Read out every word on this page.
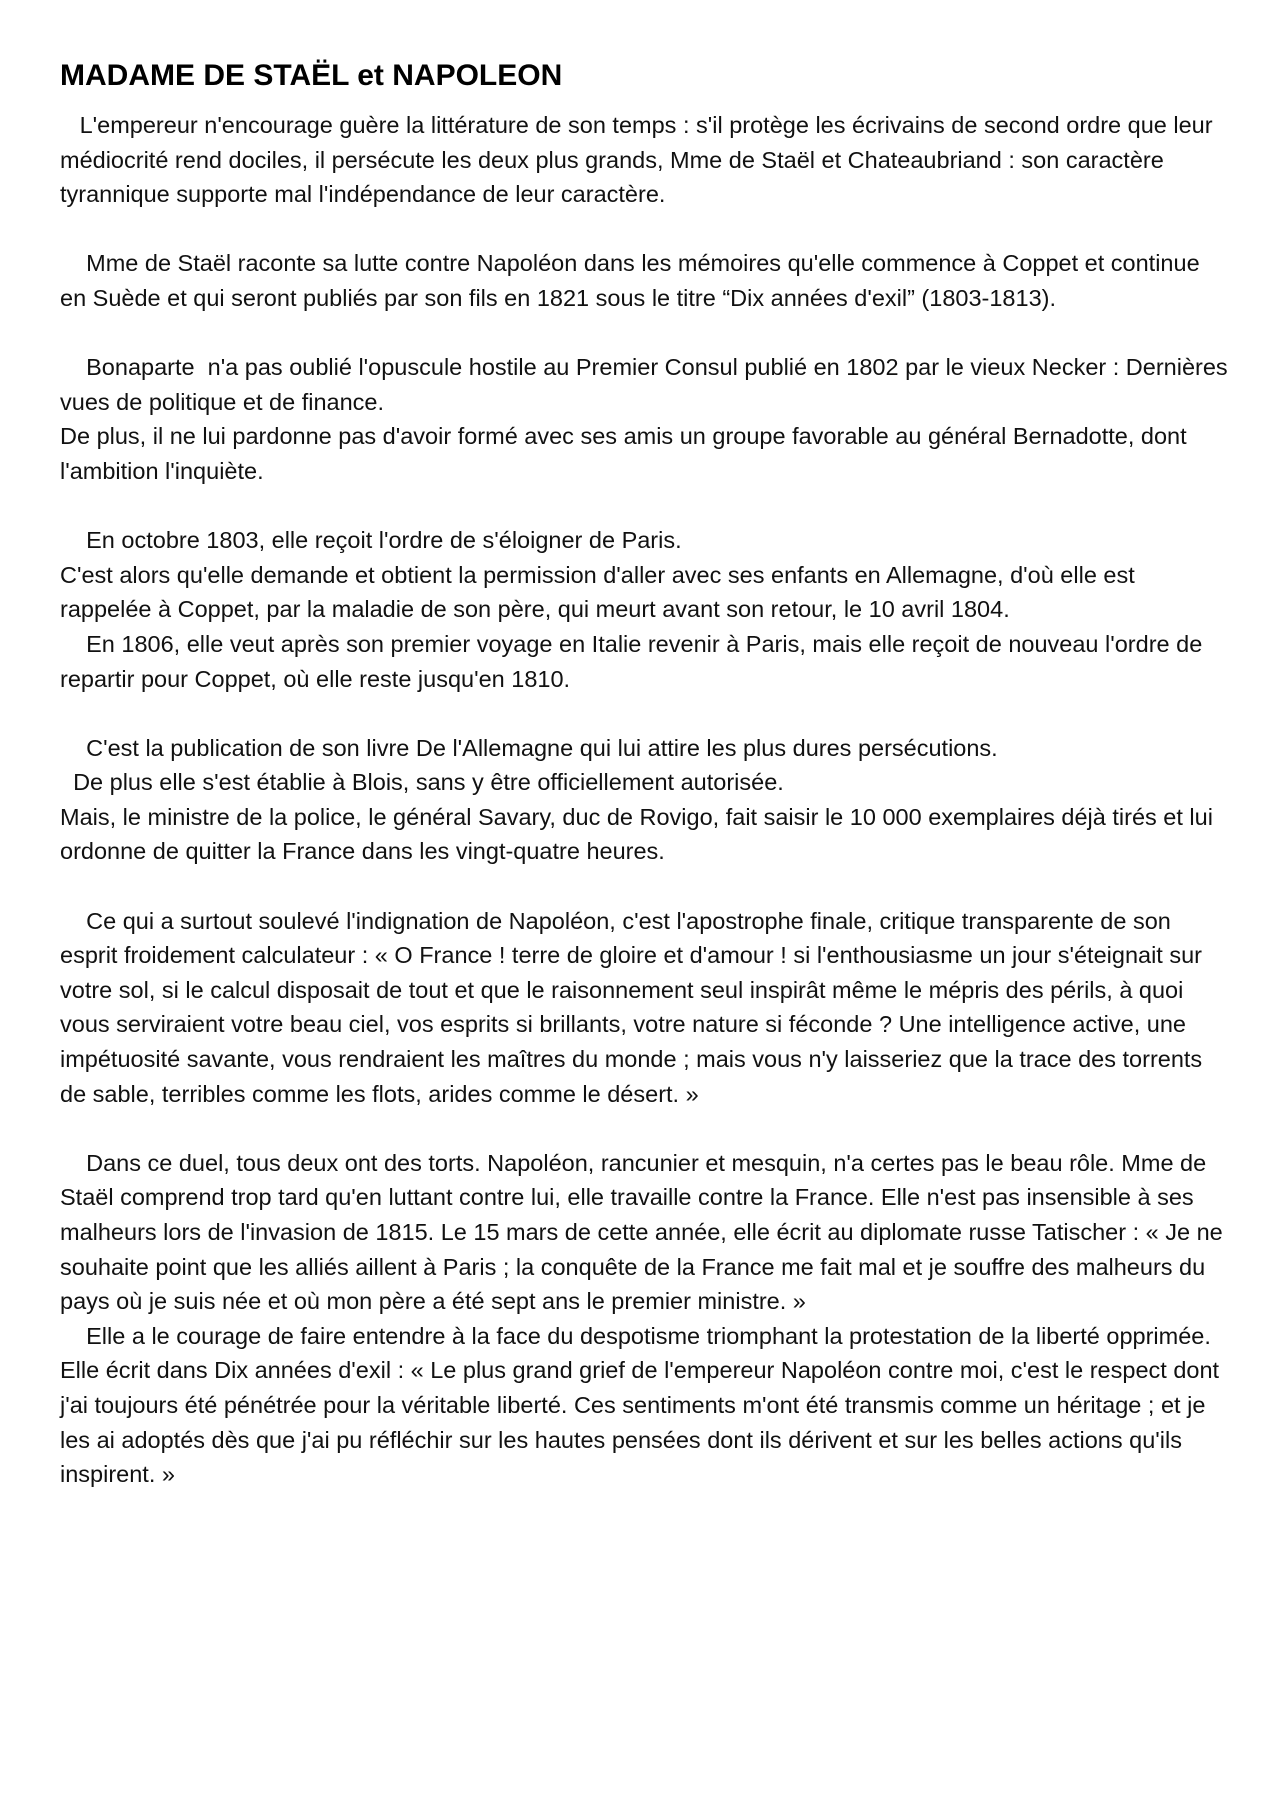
MADAME DE STAËL et NAPOLEON
L'empereur n'encourage guère la littérature de son temps : s'il protège les écrivains de second ordre que leur médiocrité rend dociles, il persécute les deux plus grands, Mme de Staël et Chateaubriand : son caractère tyrannique supporte mal l'indépendance de leur caractère.
Mme de Staël raconte sa lutte contre Napoléon dans les mémoires qu'elle commence à Coppet et continue en Suède et qui seront publiés par son fils en 1821 sous le titre “Dix années d'exil” (1803-1813).
Bonaparte  n'a pas oublié l'opuscule hostile au Premier Consul publié en 1802 par le vieux Necker : Dernières vues de politique et de finance.
De plus, il ne lui pardonne pas d'avoir formé avec ses amis un groupe favorable au général Bernadotte, dont l'ambition l'inquiète.
En octobre 1803, elle reçoit l'ordre de s'éloigner de Paris.
C'est alors qu'elle demande et obtient la permission d'aller avec ses enfants en Allemagne, d'où elle est rappelée à Coppet, par la maladie de son père, qui meurt avant son retour, le 10 avril 1804.
En 1806, elle veut après son premier voyage en Italie revenir à Paris, mais elle reçoit de nouveau l'ordre de repartir pour Coppet, où elle reste jusqu'en 1810.
C'est la publication de son livre De l'Allemagne qui lui attire les plus dures persécutions.
De plus elle s'est établie à Blois, sans y être officiellement autorisée.
Mais, le ministre de la police, le général Savary, duc de Rovigo, fait saisir le 10 000 exemplaires déjà tirés et lui ordonne de quitter la France dans les vingt-quatre heures.
Ce qui a surtout soulevé l'indignation de Napoléon, c'est l'apostrophe finale, critique transparente de son esprit froidement calculateur : « O France ! terre de gloire et d'amour ! si l'enthousiasme un jour s'éteignait sur votre sol, si le calcul disposait de tout et que le raisonnement seul inspirât même le mépris des périls, à quoi vous serviraient votre beau ciel, vos esprits si brillants, votre nature si féconde ? Une intelligence active, une impétuosité savante, vous rendraient les maîtres du monde ; mais vous n'y laisseriez que la trace des torrents de sable, terribles comme les flots, arides comme le désert. »
Dans ce duel, tous deux ont des torts. Napoléon, rancunier et mesquin, n'a certes pas le beau rôle. Mme de Staël comprend trop tard qu'en luttant contre lui, elle travaille contre la France. Elle n'est pas insensible à ses malheurs lors de l'invasion de 1815. Le 15 mars de cette année, elle écrit au diplomate russe Tatischer : « Je ne souhaite point que les alliés aillent à Paris ; la conquête de la France me fait mal et je souffre des malheurs du pays où je suis née et où mon père a été sept ans le premier ministre. »
Elle a le courage de faire entendre à la face du despotisme triomphant la protestation de la liberté opprimée. Elle écrit dans Dix années d'exil : « Le plus grand grief de l'empereur Napoléon contre moi, c'est le respect dont j'ai toujours été pénétrée pour la véritable liberté. Ces sentiments m'ont été transmis comme un héritage ; et je les ai adoptés dès que j'ai pu réfléchir sur les hautes pensées dont ils dérivent et sur les belles actions qu'ils inspirent. »
